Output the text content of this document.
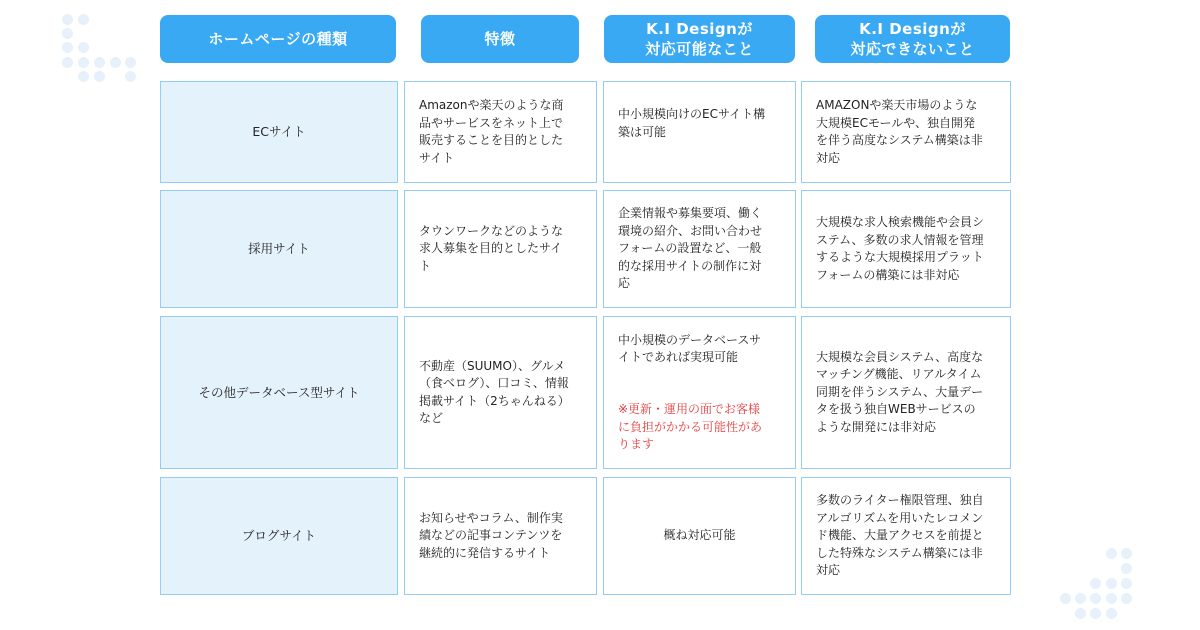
ホームページの種類	特徴
K.I Designが
対応可能なこと
K.I Designが
対応できないこと
ECサイト
Amazonや楽天のような商
品やサービスをネット上で
販売することを目的とした
サイト
中小規模向けのECサイト構
築は可能
AMAZONや楽天市場のような
大規模ECモールや、独自開発
を伴う高度なシステム構築は非
対応
採用サイト
タウンワークなどのような
求人募集を目的としたサイ
ト
企業情報や募集要項、働く
環境の紹介、お問い合わせ
フォームの設置など、一般
的な採用サイトの制作に対
応
大規模な求人検索機能や会員シ
ステム、多数の求人情報を管理
するような大規模採用プラット
フォームの構築には非対応
その他データベース型サイト
不動産（SUUMO）、グルメ
（食べログ）、口コミ、情報
掲載サイト（2ちゃんねる）
など

中小規模のデータベースサ
イトであれば実現可能

※更新・運用の面でお客様
に負担がかかる可能性があ
ります

大規模な会員システム、高度な
マッチング機能、リアルタイム
同期を伴うシステム、大量デー
タを扱う独自WEBサービスの
ような開発には非対応
ブログサイト
お知らせやコラム、制作実
績などの記事コンテンツを
継続的に発信するサイト
概ね対応可能
多数のライター権限管理、独自
アルゴリズムを用いたレコメン
ド機能、大量アクセスを前提と
した特殊なシステム構築には非
対応
